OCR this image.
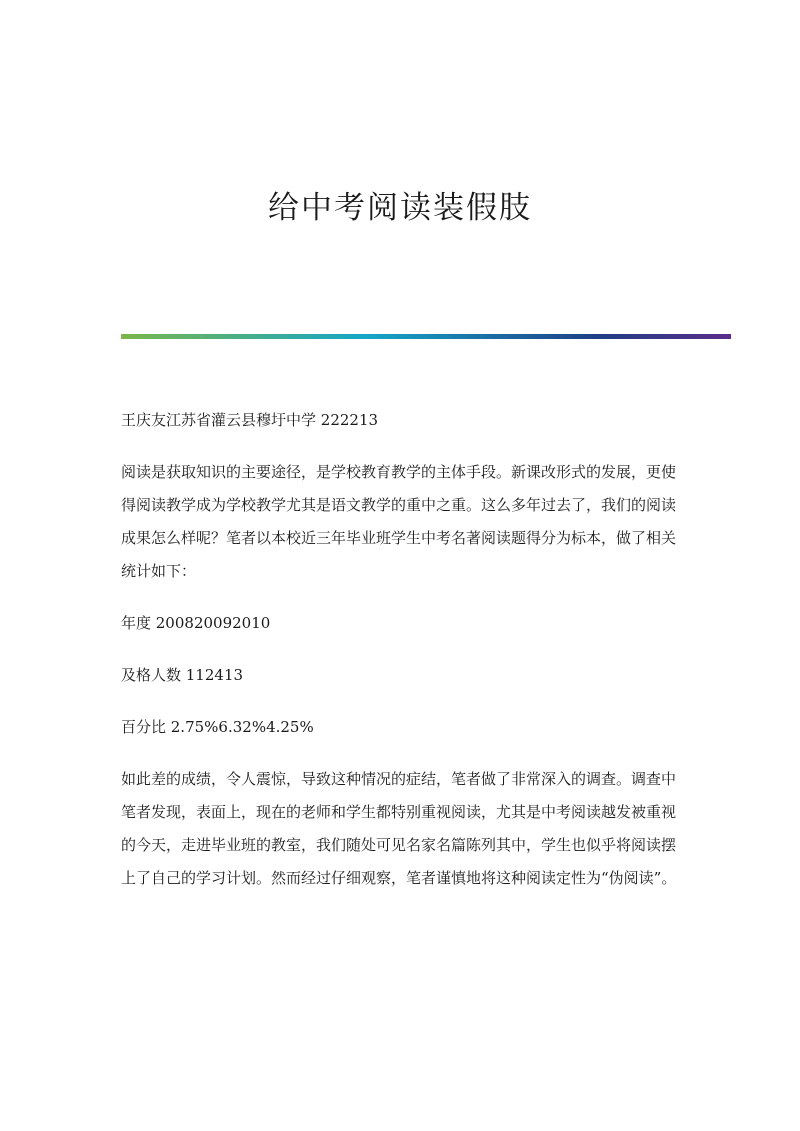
给中考阅读装假肢

王庆友江苏省灌云县穆圩中学 222213

阅读是获取知识的主要途径，是学校教育教学的主体手段。新课改形式的发展，更使得阅读教学成为学校教学尤其是语文教学的重中之重。这么多年过去了，我们的阅读成果怎么样呢？笔者以本校近三年毕业班学生中考名著阅读题得分为标本，做了相关统计如下：

年度 200820092010

及格人数 112413

百分比 2.75%6.32%4.25%

如此差的成绩，令人震惊，导致这种情况的症结，笔者做了非常深入的调查。调查中笔者发现，表面上，现在的老师和学生都特别重视阅读，尤其是中考阅读越发被重视的今天，走进毕业班的教室，我们随处可见名家名篇陈列其中，学生也似乎将阅读摆上了自己的学习计划。然而经过仔细观察，笔者谨慎地将这种阅读定性为“伪阅读”。
